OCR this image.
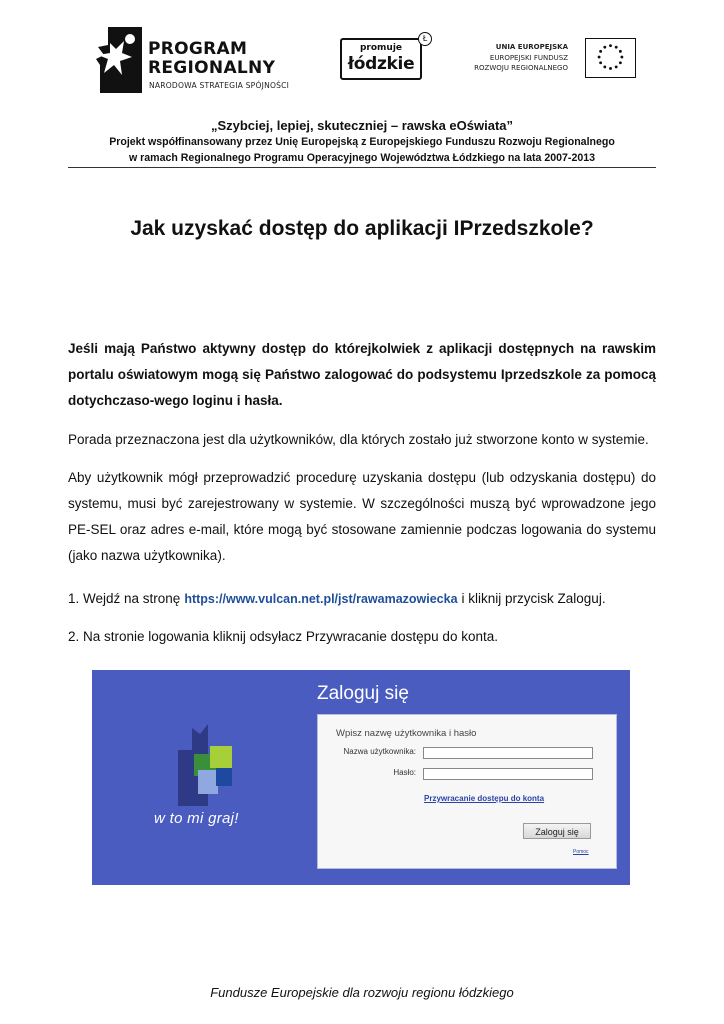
PROGRAM
REGIONALNY
NARODOWA STRATEGIA SPÓJNOŚCI
promuje
łódzkie
Ł
UNIA EUROPEJSKA
EUROPEJSKI FUNDUSZ
ROZWOJU REGIONALNEGO
„Szybciej, lepiej, skuteczniej – rawska eOświata”
Projekt współfinansowany przez Unię Europejską z Europejskiego Funduszu Rozwoju Regionalnego
w ramach Regionalnego Programu Operacyjnego Województwa Łódzkiego na lata 2007-2013
Jak uzyskać dostęp do aplikacji IPrzedszkole?
Jeśli mają Państwo aktywny dostęp do którejkolwiek z aplikacji dostępnych na rawskim portalu oświatowym mogą się Państwo zalogować do podsystemu Iprzedszkole za pomocą dotychczaso-wego loginu i hasła.
Porada przeznaczona jest dla użytkowników, dla których zostało już stworzone konto w systemie.
Aby użytkownik mógł przeprowadzić procedurę uzyskania dostępu (lub odzyskania dostępu) do systemu, musi być zarejestrowany w systemie. W szczególności muszą być wprowadzone jego PE-SEL oraz adres e-mail, które mogą być stosowane zamiennie podczas logowania do systemu (jako nazwa użytkownika).
1. Wejdź na stronę https://www.vulcan.net.pl/jst/rawamazowiecka i kliknij przycisk Zaloguj.
2. Na stronie logowania kliknij odsyłacz Przywracanie dostępu do konta.
w to mi graj!
Zaloguj się
Wpisz nazwę użytkownika i hasło
Nazwa użytkownika:
Hasło:
Przywracanie dostępu do konta
Zaloguj się
Pomoc
Fundusze Europejskie dla rozwoju regionu łódzkiego
